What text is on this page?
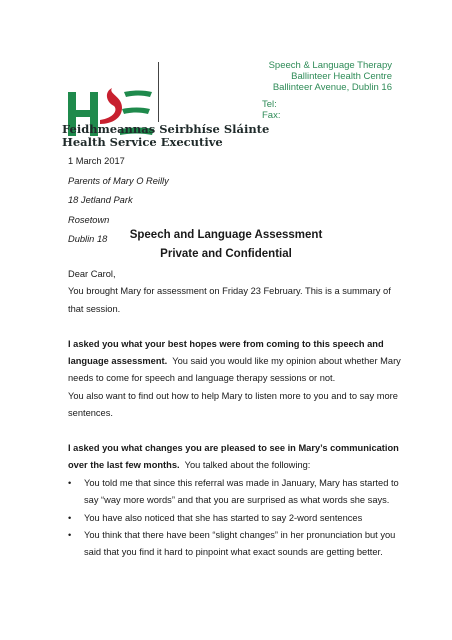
Feidhmeannas Seirbhíse Sláinte
Health Service Executive
Speech & Language Therapy
Ballinteer Health Centre
Ballinteer Avenue, Dublin 16
Tel:
Fax:
1 March 2017
Parents of Mary O Reilly
18 Jetland Park
Rosetown
Dublin 18	Speech and Language Assessment
Private and Confidential

Dear Carol,

You brought Mary for assessment on Friday 23 February. This is a summary of that session.

I asked you what your best hopes were from coming to this speech and language assessment. You said you would like my opinion about whether Mary needs to come for speech and language therapy sessions or not.

You also want to find out how to help Mary to listen more to you and to say more sentences.

I asked you what changes you are pleased to see in Mary’s communication over the last few months. You talked about the following:

• You told me that since this referral was made in January, Mary has started to say “way more words” and that you are surprised as what words she says.
• You have also noticed that she has started to say 2-word sentences
• You think that there have been “slight changes” in her pronunciation but you said that you find it hard to pinpoint what exact sounds are getting better.
